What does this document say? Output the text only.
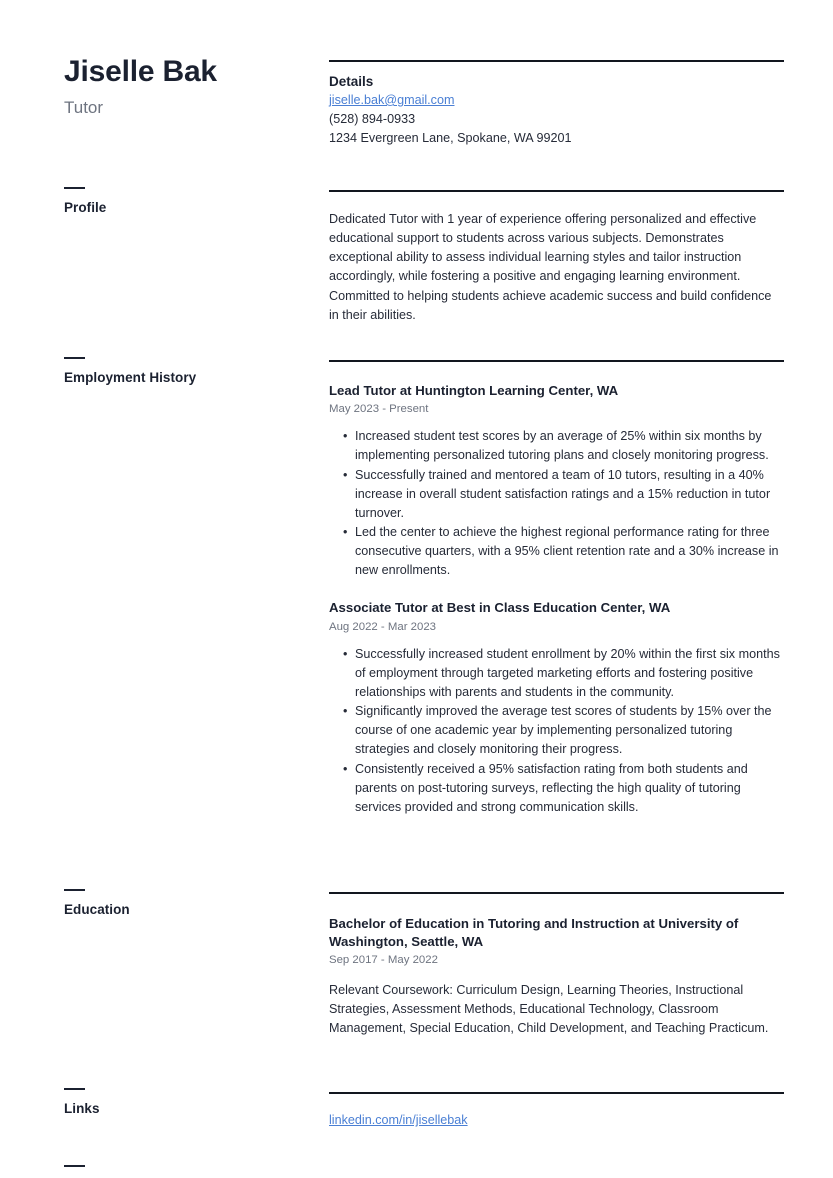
Jiselle Bak
Tutor
Profile
Employment History
Education
Links
Details
jiselle.bak@gmail.com
(528) 894-0933
1234 Evergreen Lane, Spokane, WA 99201
Dedicated Tutor with 1 year of experience offering personalized and effective educational support to students across various subjects. Demonstrates exceptional ability to assess individual learning styles and tailor instruction accordingly, while fostering a positive and engaging learning environment. Committed to helping students achieve academic success and build confidence in their abilities.
Lead Tutor at Huntington Learning Center, WA
May 2023 - Present
• Increased student test scores by an average of 25% within six months by implementing personalized tutoring plans and closely monitoring progress.
• Successfully trained and mentored a team of 10 tutors, resulting in a 40% increase in overall student satisfaction ratings and a 15% reduction in tutor turnover.
• Led the center to achieve the highest regional performance rating for three consecutive quarters, with a 95% client retention rate and a 30% increase in new enrollments.
Associate Tutor at Best in Class Education Center, WA
Aug 2022 - Mar 2023
• Successfully increased student enrollment by 20% within the first six months of employment through targeted marketing efforts and fostering positive relationships with parents and students in the community.
• Significantly improved the average test scores of students by 15% over the course of one academic year by implementing personalized tutoring strategies and closely monitoring their progress.
• Consistently received a 95% satisfaction rating from both students and parents on post-tutoring surveys, reflecting the high quality of tutoring services provided and strong communication skills.
Bachelor of Education in Tutoring and Instruction at University of Washington, Seattle, WA
Sep 2017 - May 2022
Relevant Coursework: Curriculum Design, Learning Theories, Instructional Strategies, Assessment Methods, Educational Technology, Classroom Management, Special Education, Child Development, and Teaching Practicum.
linkedin.com/in/jisellebak
